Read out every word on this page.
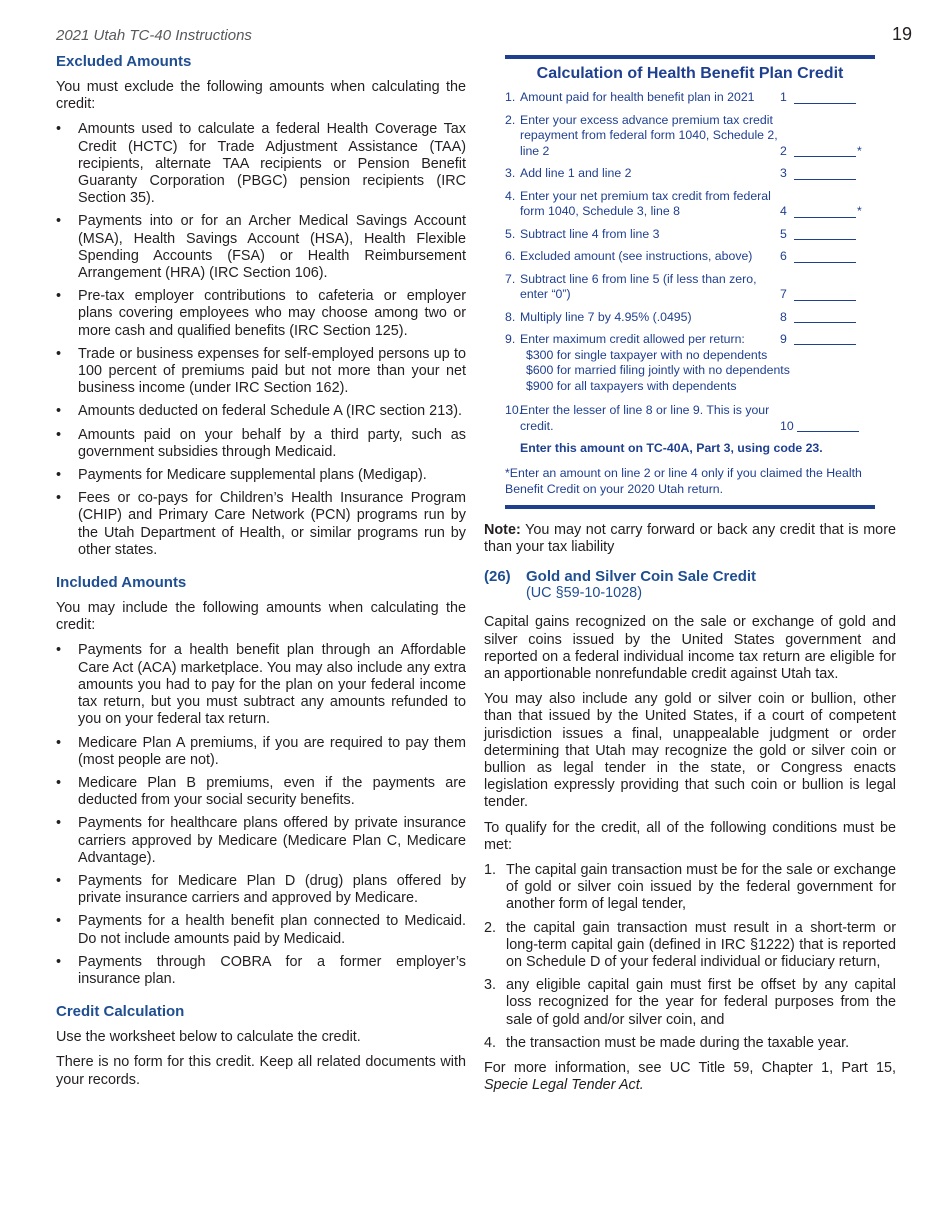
2021 Utah TC-40 Instructions	19
Excluded Amounts

You must exclude the following amounts when calculating the credit:

• Amounts used to calculate a federal Health Coverage Tax Credit (HCTC) for Trade Adjustment Assistance (TAA) recipients, alternate TAA recipients or Pension Benefit Guaranty Corporation (PBGC) pension recipients (IRC Section 35).
• Payments into or for an Archer Medical Savings Account (MSA), Health Savings Account (HSA), Health Flexible Spending Accounts (FSA) or Health Reimbursement Arrangement (HRA) (IRC Section 106).
• Pre-tax employer contributions to cafeteria or employer plans covering employees who may choose among two or more cash and qualified benefits (IRC Section 125).
• Trade or business expenses for self-employed persons up to 100 percent of premiums paid but not more than your net business income (under IRC Section 162).
• Amounts deducted on federal Schedule A (IRC section 213).
• Amounts paid on your behalf by a third party, such as government subsidies through Medicaid.
• Payments for Medicare supplemental plans (Medigap).
• Fees or co-pays for Children’s Health Insurance Program (CHIP) and Primary Care Network (PCN) programs run by the Utah Department of Health, or similar programs run by other states.
Included Amounts

You may include the following amounts when calculating the credit:

• Payments for a health benefit plan through an Affordable Care Act (ACA) marketplace. You may also include any extra amounts you had to pay for the plan on your federal income tax return, but you must subtract any amounts refunded to you on your federal tax return.
• Medicare Plan A premiums, if you are required to pay them (most people are not).
• Medicare Plan B premiums, even if the payments are deducted from your social security benefits.
• Payments for healthcare plans offered by private insurance carriers approved by Medicare (Medicare Plan C, Medicare Advantage).
• Payments for Medicare Plan D (drug) plans offered by private insurance carriers and approved by Medicare.
• Payments for a health benefit plan connected to Medicaid. Do not include amounts paid by Medicaid.
• Payments through COBRA for a former employer’s insurance plan.
Credit Calculation

Use the worksheet below to calculate the credit.

There is no form for this credit. Keep all related documents with your records.

Calculation of Health Benefit Plan Credit
1. Amount paid for health benefit plan in 2021	1
2. Enter your excess advance premium tax credit repayment from federal form 1040, Schedule 2, line 2	2	*
3. Add line 1 and line 2	3
4. Enter your net premium tax credit from federal form 1040, Schedule 3, line 8	4	*
5. Subtract line 4 from line 3	5
6. Excluded amount (see instructions, above)	6
7. Subtract line 6 from line 5 (if less than zero, enter “0”)	7
8. Multiply line 7 by 4.95% (.0495)	8
9. Enter maximum credit allowed per return:	9
$300 for single taxpayer with no dependents
$600 for married filing jointly with no dependents
$900 for all taxpayers with dependents
10.
Enter the lesser of line 8 or line 9. This is your credit.	10
Enter this amount on TC-40A, Part 3, using code 23.
*Enter an amount on line 2 or line 4 only if you claimed the Health Benefit Credit on your 2020 Utah return.

Note: You may not carry forward or back any credit that is more than your tax liability

(26)	Gold and Silver Coin Sale Credit
(UC §59-10-1028)

Capital gains recognized on the sale or exchange of gold and silver coins issued by the United States government and reported on a federal individual income tax return are eligible for an apportionable nonrefundable credit against Utah tax.

You may also include any gold or silver coin or bullion, other than that issued by the United States, if a court of competent jurisdiction issues a final, unappealable judgment or order determining that Utah may recognize the gold or silver coin or bullion as legal tender in the state, or Congress enacts legislation expressly providing that such coin or bullion is legal tender.

To qualify for the credit, all of the following conditions must be met:

1. The capital gain transaction must be for the sale or exchange of gold or silver coin issued by the federal government for another form of legal tender,
2. the capital gain transaction must result in a short-term or long-term capital gain (defined in IRC §1222) that is reported on Schedule D of your federal individual or fiduciary return,
3. any eligible capital gain must first be offset by any capital loss recognized for the year for federal purposes from the sale of gold and/or silver coin, and
4. the transaction must be made during the taxable year.

For more information, see UC Title 59, Chapter 1, Part 15, Specie Legal Tender Act.
